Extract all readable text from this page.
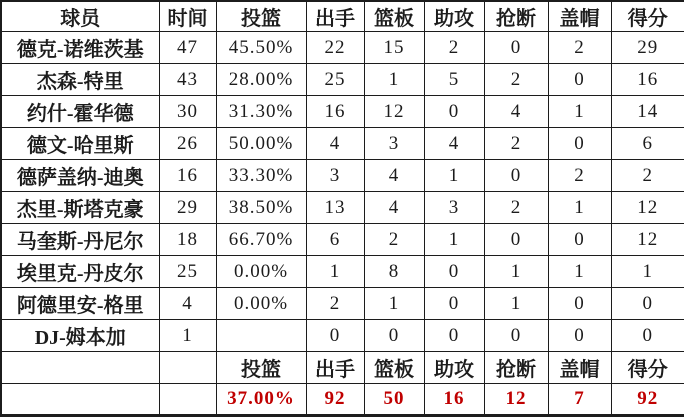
球员	时间	投篮	出手	篮板	助攻	抢断	盖帽	得分
德克-诺维茨基	47	45.50%	22	15	2	0	2	29
杰森-特里	43	28.00%	25	1	5	2	0	16
约什-霍华德	30	31.30%	16	12	0	4	1	14
德文-哈里斯	26	50.00%	4	3	4	2	0	6
德萨盖纳-迪奥	16	33.30%	3	4	1	0	2	2
杰里-斯塔克豪	29	38.50%	13	4	3	2	1	12
马奎斯-丹尼尔	18	66.70%	6	2	1	0	0	12
埃里克-丹皮尔	25	0.00%	1	8	0	1	1	1
阿德里安-格里	4	0.00%	2	1	0	1	0	0
DJ-姆本加	1		0	0	0	0	0	0
		投篮	出手	篮板	助攻	抢断	盖帽	得分
		37.00%	92	50	16	12	7	92
